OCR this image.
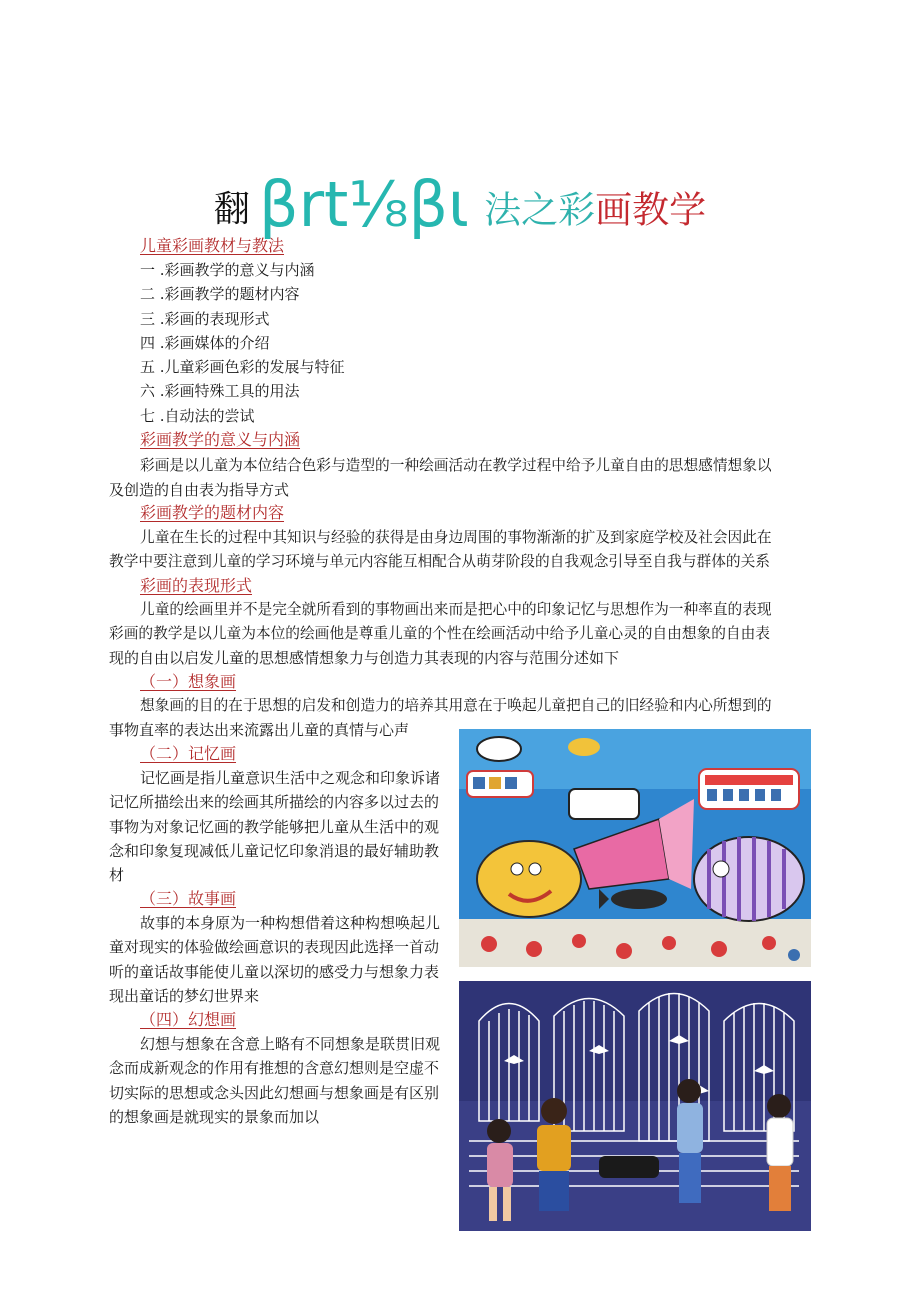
翻 βrt⅛βι 法之彩画教学
儿童彩画教材与教法
一 .彩画教学的意义与内涵
二 .彩画教学的题材内容
三 .彩画的表现形式
四 .彩画媒体的介绍
五 .儿童彩画色彩的发展与特征
六 .彩画特殊工具的用法
七 .自动法的尝试
彩画教学的意义与内涵
彩画是以儿童为本位结合色彩与造型的一种绘画活动在教学过程中给予儿童自由的思想感情想象以
及创造的自由表为指导方式
彩画教学的题材内容
儿童在生长的过程中其知识与经验的获得是由身边周围的事物渐渐的扩及到家庭学校及社会因此在
教学中要注意到儿童的学习环境与单元内容能互相配合从萌芽阶段的自我观念引导至自我与群体的关系
彩画的表现形式
儿童的绘画里并不是完全就所看到的事物画出来而是把心中的印象记忆与思想作为一种率直的表现
彩画的教学是以儿童为本位的绘画他是尊重儿童的个性在绘画活动中给予儿童心灵的自由想象的自由表
现的自由以启发儿童的思想感情想象力与创造力其表现的内容与范围分述如下
（一）想象画
想象画的目的在于思想的启发和创造力的培养其用意在于唤起儿童把自己的旧经验和内心所想到的
事物直率的表达出来流露出儿童的真情与心声
（二）记忆画
记忆画是指儿童意识生活中之观念和印象诉诸
记忆所描绘出来的绘画其所描绘的内容多以过去的
事物为对象记忆画的教学能够把儿童从生活中的观
念和印象复现减低儿童记忆印象消退的最好辅助教
材
（三）故事画
故事的本身原为一种构想借着这种构想唤起儿
童对现实的体验做绘画意识的表现因此选择一首动
听的童话故事能使儿童以深切的感受力与想象力表
现出童话的梦幻世界来
（四）幻想画
幻想与想象在含意上略有不同想象是联贯旧观
念而成新观念的作用有推想的含意幻想则是空虚不
切实际的思想或念头因此幻想画与想象画是有区别
的想象画是就现实的景象而加以
